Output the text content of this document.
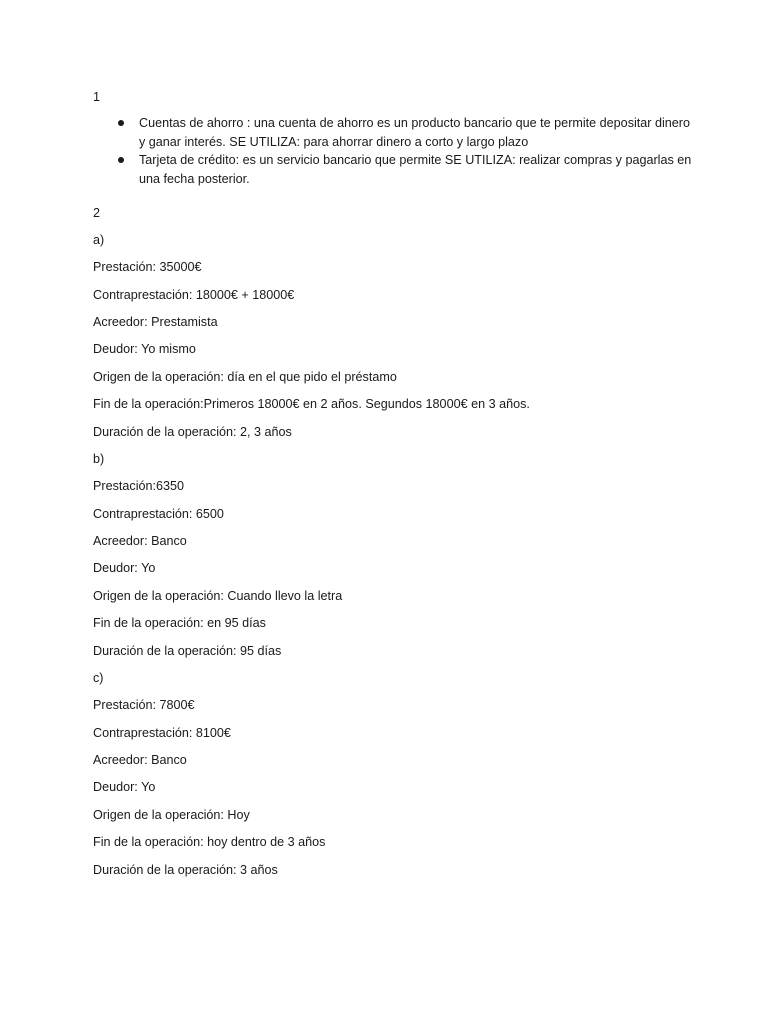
1
Cuentas de ahorro : una cuenta de ahorro es un producto bancario que te permite depositar dinero y ganar interés. SE UTILIZA: para ahorrar dinero a corto y largo plazo
Tarjeta de crédito: es un servicio bancario que permite SE UTILIZA: realizar compras y pagarlas en una fecha posterior.
2
a)
Prestación: 35000€
Contraprestación: 18000€ + 18000€
Acreedor: Prestamista
Deudor: Yo mismo
Origen de la operación: día en el que pido el préstamo
Fin de la operación:Primeros 18000€ en 2 años. Segundos 18000€ en 3 años.
Duración de la operación: 2, 3 años
b)
Prestación:6350
Contraprestación: 6500
Acreedor: Banco
Deudor: Yo
Origen de la operación: Cuando llevo la letra
Fin de la operación: en 95 días
Duración de la operación: 95 días
c)
Prestación: 7800€
Contraprestación: 8100€
Acreedor: Banco
Deudor: Yo
Origen de la operación: Hoy
Fin de la operación: hoy dentro de 3 años
Duración de la operación: 3 años
